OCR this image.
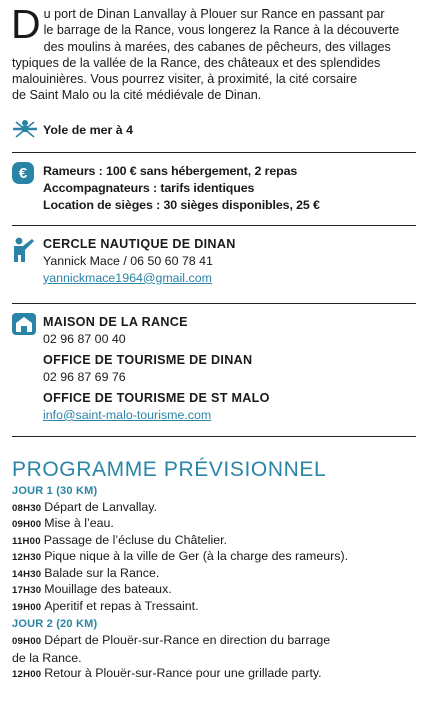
D u port de Dinan Lanvallay à Plouer sur Rance en passant par
le barrage de la Rance, vous longerez la Rance à la découverte
des moulins à marées, des cabanes de pêcheurs, des villages
typiques de la vallée de la Rance, des châteaux et des splendides
malouinières. Vous pourrez visiter, à proximité, la cité corsaire
de Saint Malo ou la cité médiévale de Dinan.

Yole de mer à 4
€ Rameurs : 100 € sans hébergement, 2 repas
Accompagnateurs : tarifs identiques
Location de sièges : 30 sièges disponibles, 25 €
CERCLE NAUTIQUE DE DINAN
Yannick Mace / 06 50 60 78 41
yannickmace1964@gmail.com
MAISON DE LA RANCE
02 96 87 00 40
OFFICE DE TOURISME DE DINAN
02 96 87 69 76
OFFICE DE TOURISME DE ST MALO
info@saint-malo-tourisme.com
PROGRAMME PRÉVISIONNEL
JOUR 1 (30 KM)
08H30 Départ de Lanvallay.
09H00 Mise à l’eau.
11H00 Passage de l’écluse du Châtelier.
12H30 Pique nique à la ville de Ger (à la charge des rameurs).
14H30 Balade sur la Rance.
17H30 Mouillage des bateaux.
19H00 Aperitif et repas à Tressaint.
JOUR 2 (20 KM)
09H00 Départ de Plouër-sur-Rance en direction du barrage
de la Rance.
12H00 Retour à Plouër-sur-Rance pour une grillade party.
